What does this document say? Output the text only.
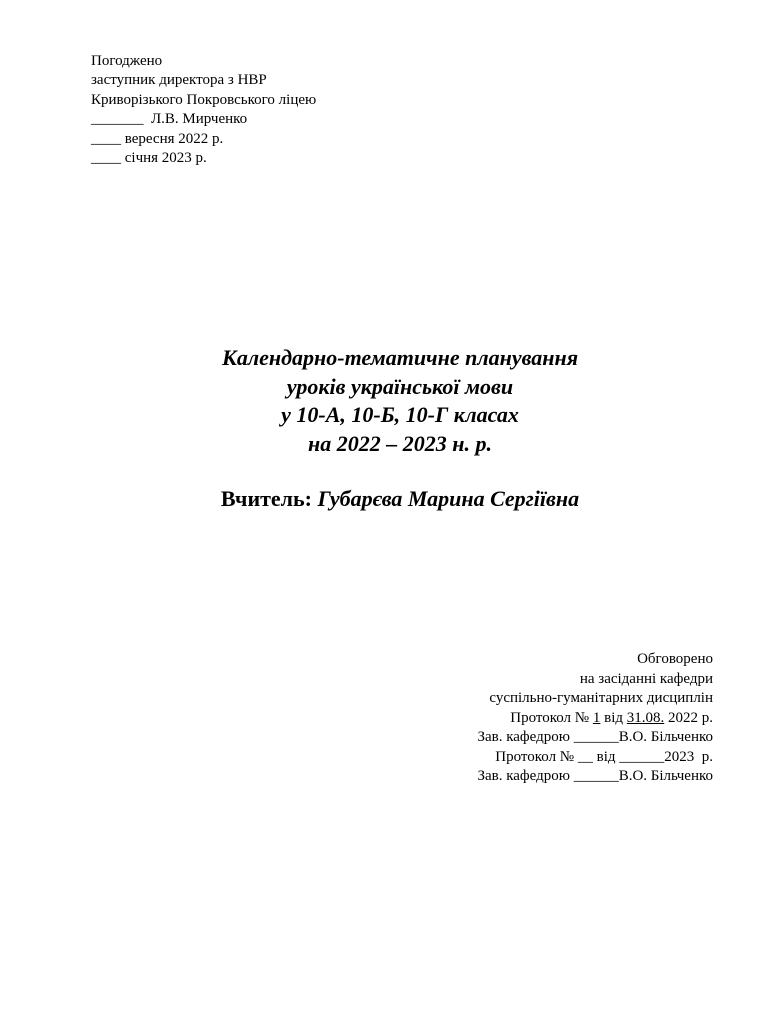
Погоджено
заступник директора з НВР
Криворізького Покровського ліцею
_______  Л.В. Мирченко
____ вересня 2022 р.
____ січня 2023 р.
Календарно-тематичне планування
уроків української мови
у 10-А, 10-Б, 10-Г класах
на 2022 – 2023 н. р.
Вчитель: Губарєва Марина Сергіївна
Обговорено
на засіданні кафедри
суспільно-гуманітарних дисциплін
Протокол № 1 від 31.08. 2022 р.
Зав. кафедрою ______В.О. Більченко
Протокол № __ від ______2023  р.
Зав. кафедрою ______В.О. Більченко
